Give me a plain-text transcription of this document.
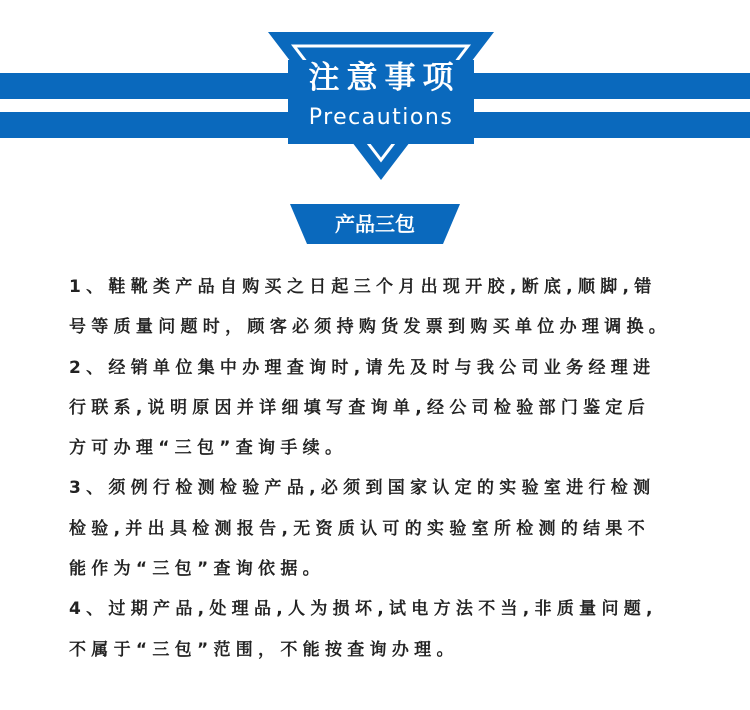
注意事项
Precautions
产品三包
1、鞋靴类产品自购买之日起三个月出现开胶,断底,顺脚,错
号等质量问题时，顾客必须持购货发票到购买单位办理调换。
2、经销单位集中办理查询时,请先及时与我公司业务经理进
行联系,说明原因并详细填写查询单,经公司检验部门鉴定后
方可办理“三包”查询手续。
3、须例行检测检验产品,必须到国家认定的实验室进行检测
检验,并出具检测报告,无资质认可的实验室所检测的结果不
能作为“三包”查询依据。
4、过期产品,处理品,人为损坏,试电方法不当,非质量问题,
不属于“三包”范围，不能按查询办理。
